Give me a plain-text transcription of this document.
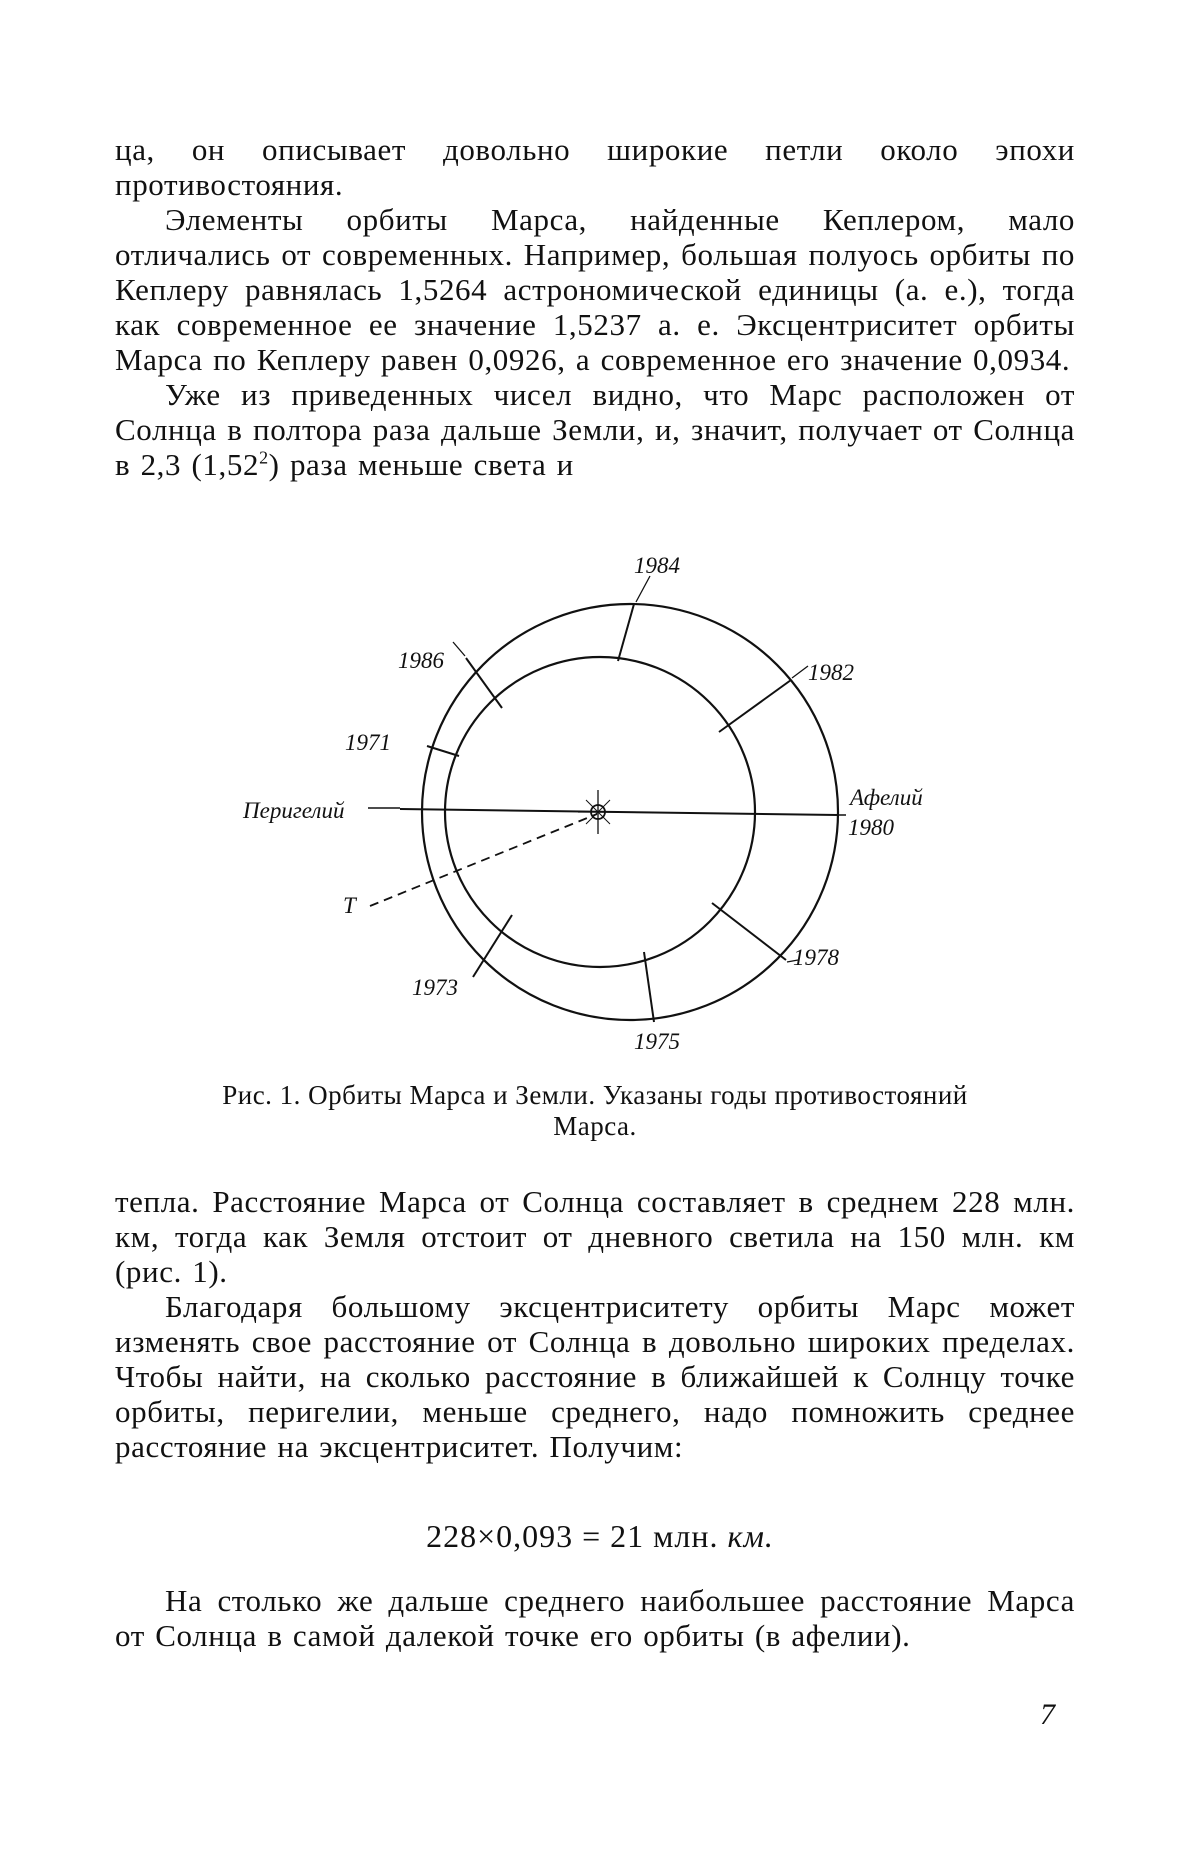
ца, он описывает довольно широкие петли около эпохи противостояния.

Элементы орбиты Марса, найденные Кеплером, мало отличались от современных. Например, большая полуось орбиты по Кеплеру равнялась 1,5264 астрономической единицы (а. е.), тогда как современное ее значение 1,5237 а. е. Эксцентриситет орбиты Марса по Кеплеру равен 0,0926, а современное его значение 0,0934.

Уже из приведенных чисел видно, что Марс расположен от Солнца в полтора раза дальше Земли, и, значит, получает от Солнца в 2,3 (1,52$^2$) раза меньше света и

1984
1982
1986
1971
Перигелий
Афелий
1980
T
1978
1973
1975
Рис. 1. Орбиты Марса и Земли. Указаны годы противостояний
Марса.

тепла. Расстояние Марса от Солнца составляет в среднем 228 млн. км, тогда как Земля отстоит от дневного светила на 150 млн. км (рис. 1).

Благодаря большому эксцентриситету орбиты Марс может изменять свое расстояние от Солнца в довольно широких пределах. Чтобы найти, на сколько расстояние в ближайшей к Солнцу точке орбиты, перигелии, меньше среднего, надо помножить среднее расстояние на эксцентриситет. Получим:

228×0,093 = 21 млн. км.

На столько же дальше среднего наибольшее расстояние Марса от Солнца в самой далекой точке его орбиты (в афелии).

7
